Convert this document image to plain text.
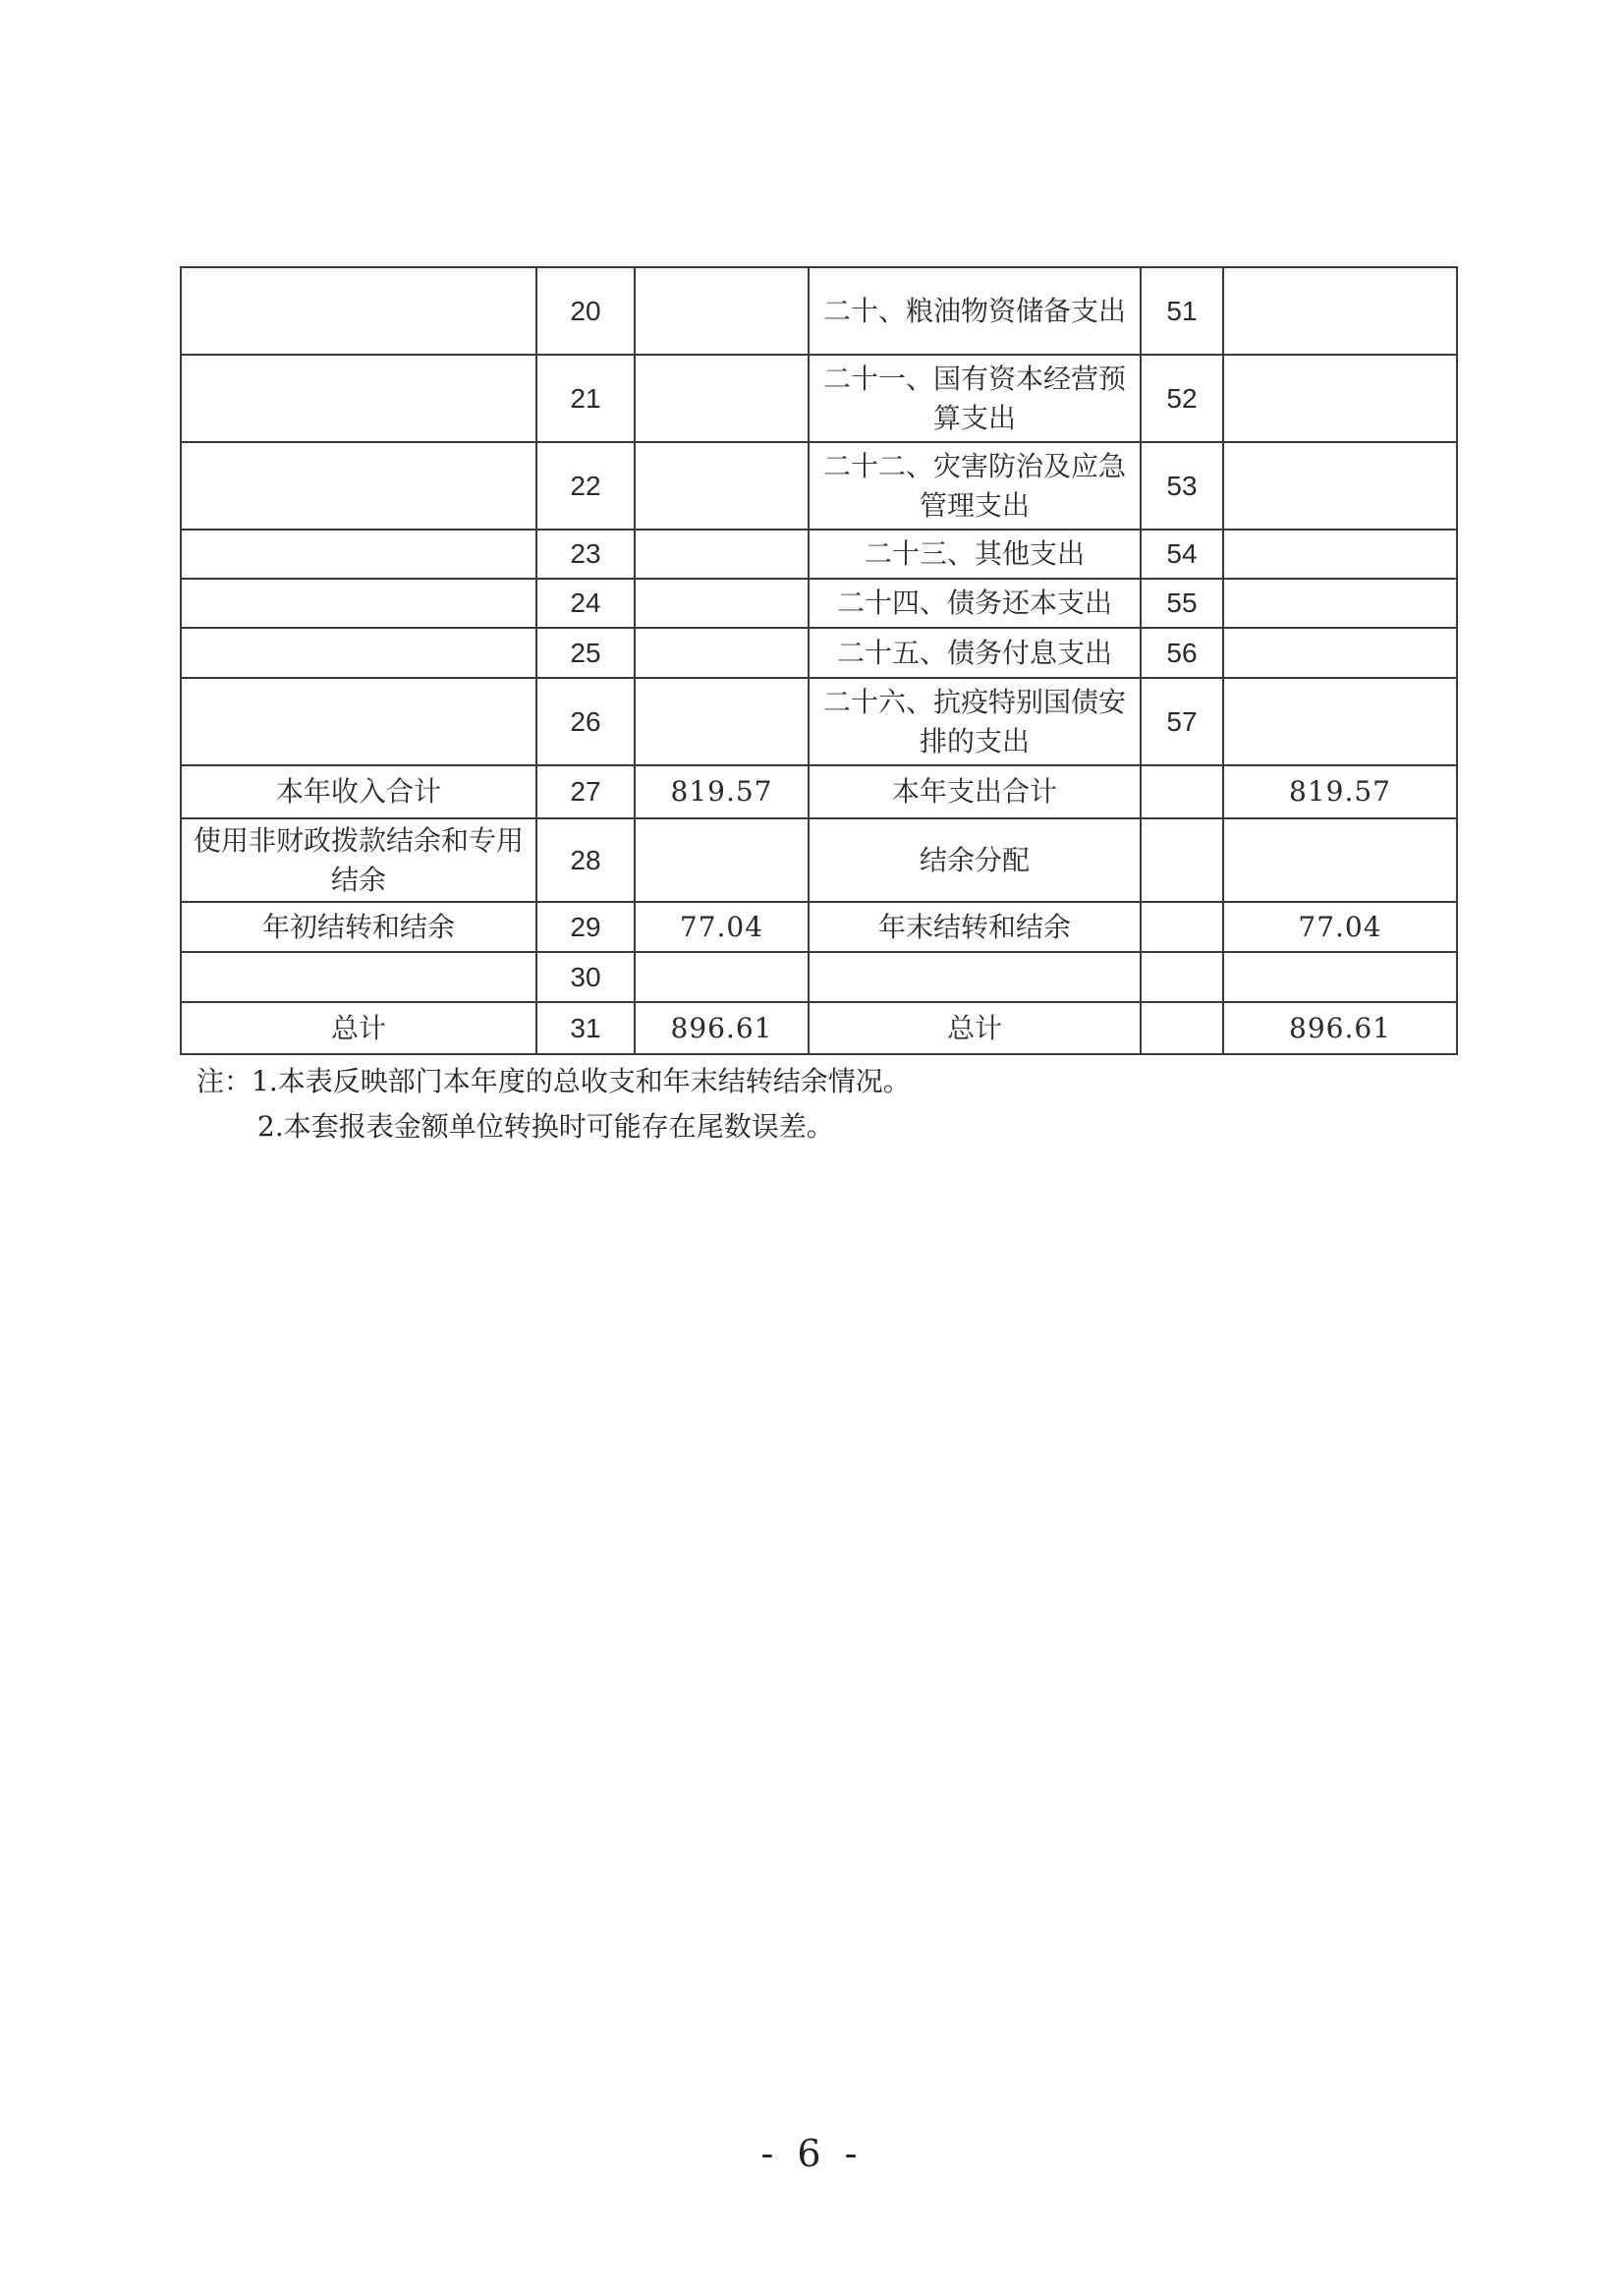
	20		二十、粮油物资储备支出	51	
	21		二十一、国有资本经营预算支出	52	
	22		二十二、灾害防治及应急管理支出	53	
	23		二十三、其他支出	54	
	24		二十四、债务还本支出	55	
	25		二十五、债务付息支出	56	
	26		二十六、抗疫特别国债安排的支出	57	
本年收入合计	27	819.57	本年支出合计		819.57
使用非财政拨款结余和专用结余	28		结余分配		
年初结转和结余	29	77.04	年末结转和结余		77.04
	30				
总计	31	896.61	总计		896.61
注：1.本表反映部门本年度的总收支和年末结转结余情况。
2.本套报表金额单位转换时可能存在尾数误差。
- 6 -
